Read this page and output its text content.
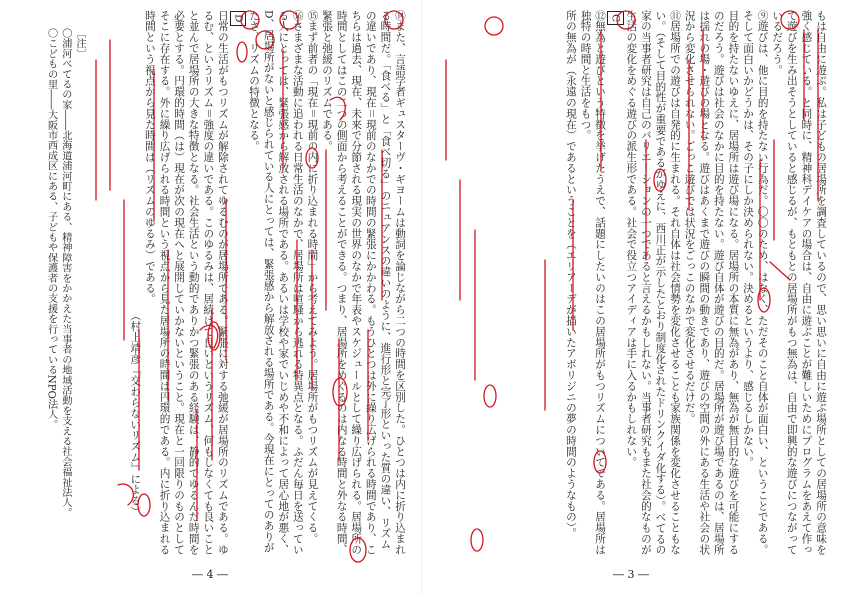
もは自由に遊ぶ。私は子どもの居場所を調査しているので、思い思いに自由に遊ぶ場所としての居場所の意味を強く感じている。と同時に、精神科デイケアの場合は、自由に遊ぶことが難しいためにプログラムをあえて作って遊びを生み出そうとしていると感じるが、もともとの居場所がもつ無為は、自由で即興的な遊びにつながっているだろう。
⑨遊びは、他に目的を持たない行為だ。〇〇のため、はなく、ただそのこと自体が面白い、ということである。そして面白いかどうかは、その子にしか決められない。決めるというより、感じるしかない。
目的を持たないゆえに、居場所は遊び場になる。居場所の本質に無為があり、無為が無目的な遊びを可能にするのだろう。遊びは社会のなかに目的を持たない。遊び自体が遊びの目的だ。居場所が遊び場であるのは、居場所は揺れの場・遊びの場となる。遊びはあくまで遊びの瞬間の動きであり、遊びの空間の外にある生活や社会の状況から変化させられない。ごっこ遊びでは状況をごっこのなかで変化させるだけだ。
⑪居場所での遊びは自発的に生まれる。それ自体は社会情勢を変化させることも家族関係を変化させることもない。（そして目的性が重要であるがゆえに、西川正が示したとおり制度化されたドリンクイダ化する）。べてるの家の当事者研究は自己のバリエーションの一つであると言えるかもしれない。当事者研究もまた社会的なものが生活の変化をめぐる遊びの派生形である。社会で役立つアイディアは手に入るかもしれない。
C
⑫無為と遊びという特徴を挙げたうえで、話題にしたいのはこの居場所がもつリズムについてである。居場所は独特の時間と生活をもつ。
所の無為が（永遠の現在）であるということを（エリアーデが描いたアボリジニの夢の時間のようなもの）。
― 3 ―
⑭また、言語学者ギュスターヴ・ギヨームは動詞を論じながら二つの時間を区別した。ひとつは内に折り込まれる時間だ。「食べる」と「食べ切る」のニュアンスの違いのように、進行形と完了形といった質の違い、リズムの違いであり、現在＝現前のなかでの時間の緊張にかかわる。もうひとつは外に繰り広げられる時間であり、こちらは過去、現在、未来で分節される現実の世界のなかで年表やスケジュールとして繰り広げられる。居場所の時間としてはこの二つの側面から考えることができる。つまり、居場所をめぐるのは内なる時間と外なる時間、緊張と弛緩のリズムである。
⑮まず前者の「現在＝現前の内に折り込まれる時間」から考えてみよう。居場所がもつリズムが見えてくる。
⑯さまざまな活動に追われる日常生活のなかで、居場所は喧騒から逃れる特異点となる。ふだん毎日を送っている人にとっては、緊張感から解放される場所である。あるいは学校や家でいじめや不和によって居心地が悪く、D、居場所がないと感じられている人にとっては、緊張感から解放される場所である。今現在にとってのありがたさ、リズムの特徴となる。
D
日常の生活がもつリズムが解除されてゆるむのが居場所である。緊張に対する弛緩が居場所のリズムである。ゆるむ、というリズム＝強度の違いである。このゆるみは、居続けて良いというリズム、何もしなくても良いことと並んで居場所の大きな特徴となる。社会生活という動的でありかつ緊張のある経験は、静的でゆるんだ時間を必要とする。円環的時間（は）現在が次の現在へと展開していかないということ。現在と一回限りのものとしてそこに存在する。外に繰り広げられる時間という視点から見た居場所の時間は円環的である。内に折り込まれる時間という視点から見た時間は（リズムのゆるみ）である。
（村上靖彦『交わらないリズム』による）
〔注〕
〇浦河べてるの家――北海道浦河町にある、精神障害をかかえた当事者の地域活動を支える社会福祉法人。
〇こどもの里――大阪市西成区にある、子どもや保護者の支援を行っているNPO法人。
― 4 ―
